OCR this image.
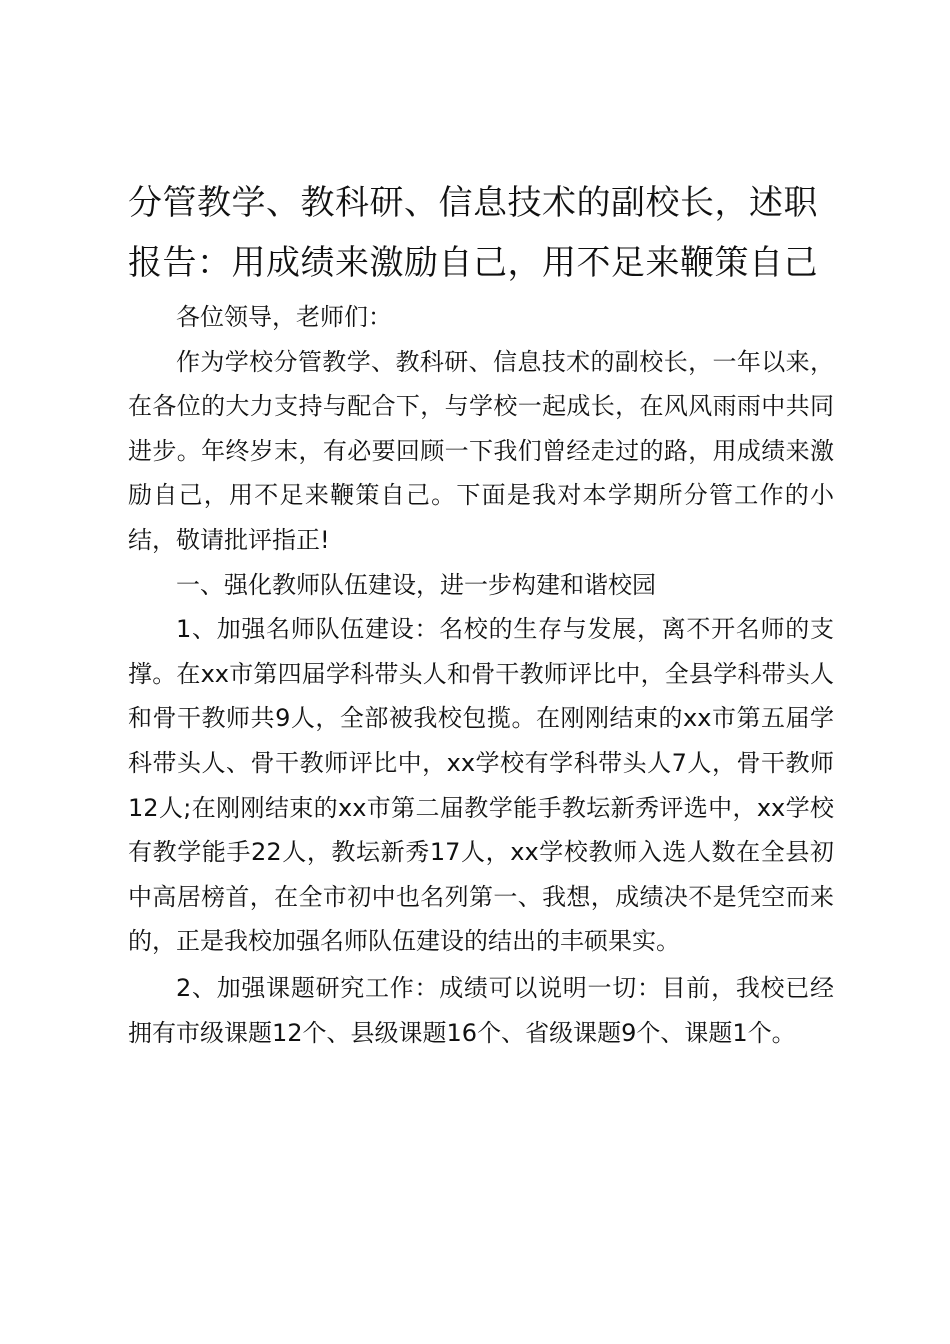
分管教学、教科研、信息技术的副校长，述职报告：用成绩来激励自己，用不足来鞭策自己

各位领导，老师们：

作为学校分管教学、教科研、信息技术的副校长，一年以来，在各位的大力支持与配合下，与学校一起成长，在风风雨雨中共同进步。年终岁末，有必要回顾一下我们曾经走过的路，用成绩来激励自己，用不足来鞭策自己。下面是我对本学期所分管工作的小结，敬请批评指正!

一、强化教师队伍建设，进一步构建和谐校园

1、加强名师队伍建设：名校的生存与发展，离不开名师的支撑。在xx市第四届学科带头人和骨干教师评比中，全县学科带头人和骨干教师共9人，全部被我校包揽。在刚刚结束的xx市第五届学科带头人、骨干教师评比中，xx学校有学科带头人7人，骨干教师12人;在刚刚结束的xx市第二届教学能手教坛新秀评选中，xx学校有教学能手22人，教坛新秀17人，xx学校教师入选人数在全县初中高居榜首，在全市初中也名列第一、我想，成绩决不是凭空而来的，正是我校加强名师队伍建设的结出的丰硕果实。

2、加强课题研究工作：成绩可以说明一切：目前，我校已经拥有市级课题12个、县级课题16个、省级课题9个、课题1个。
